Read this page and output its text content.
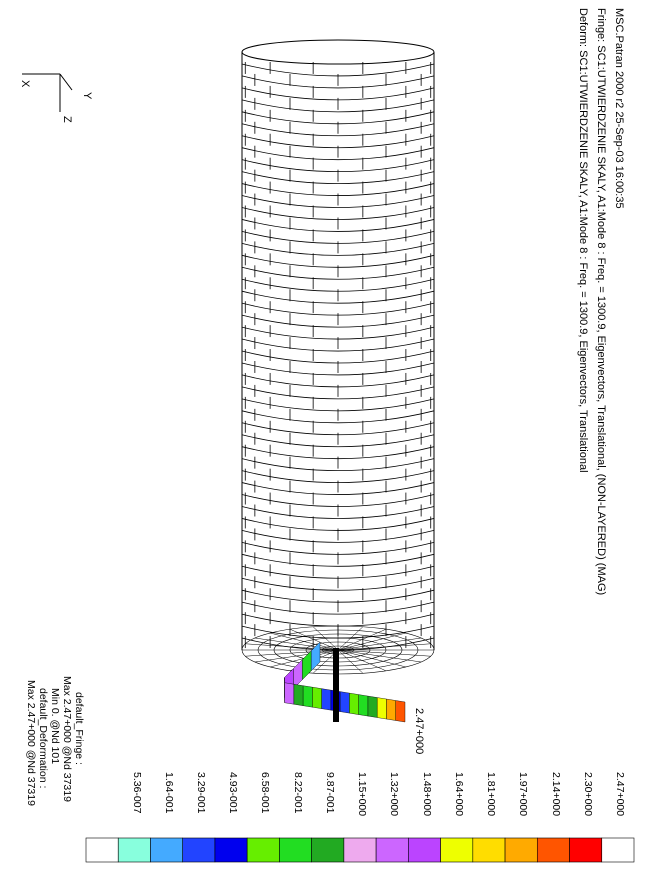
MSC.Patran 2000 r2 25-Sep-03 16:00:35
Fringe: SC1:UTWIERDZENIE SKALY, A1:Mode 8 : Freq. = 1300.9, Eigenvectors, Translational, (NON-LAYERED) (MAG)
Deform: SC1:UTWIERDZENIE SKALY, A1:Mode 8 : Freq. = 1300.9, Eigenvectors, Translational
X
Y
Z
2.47+000
2.47+000
2.30+000
2.14+000
1.97+000
1.81+000
1.64+000
1.48+000
1.32+000
1.15+000
9.87-001
8.22-001
6.58-001
4.93-001
3.29-001
1.64-001
5.36-007
default_Fringe :
Max 2.47+000 @Nd 37319
Min 0. @Nd 101
default_Deformation :
Max 2.47+000 @Nd 37319
